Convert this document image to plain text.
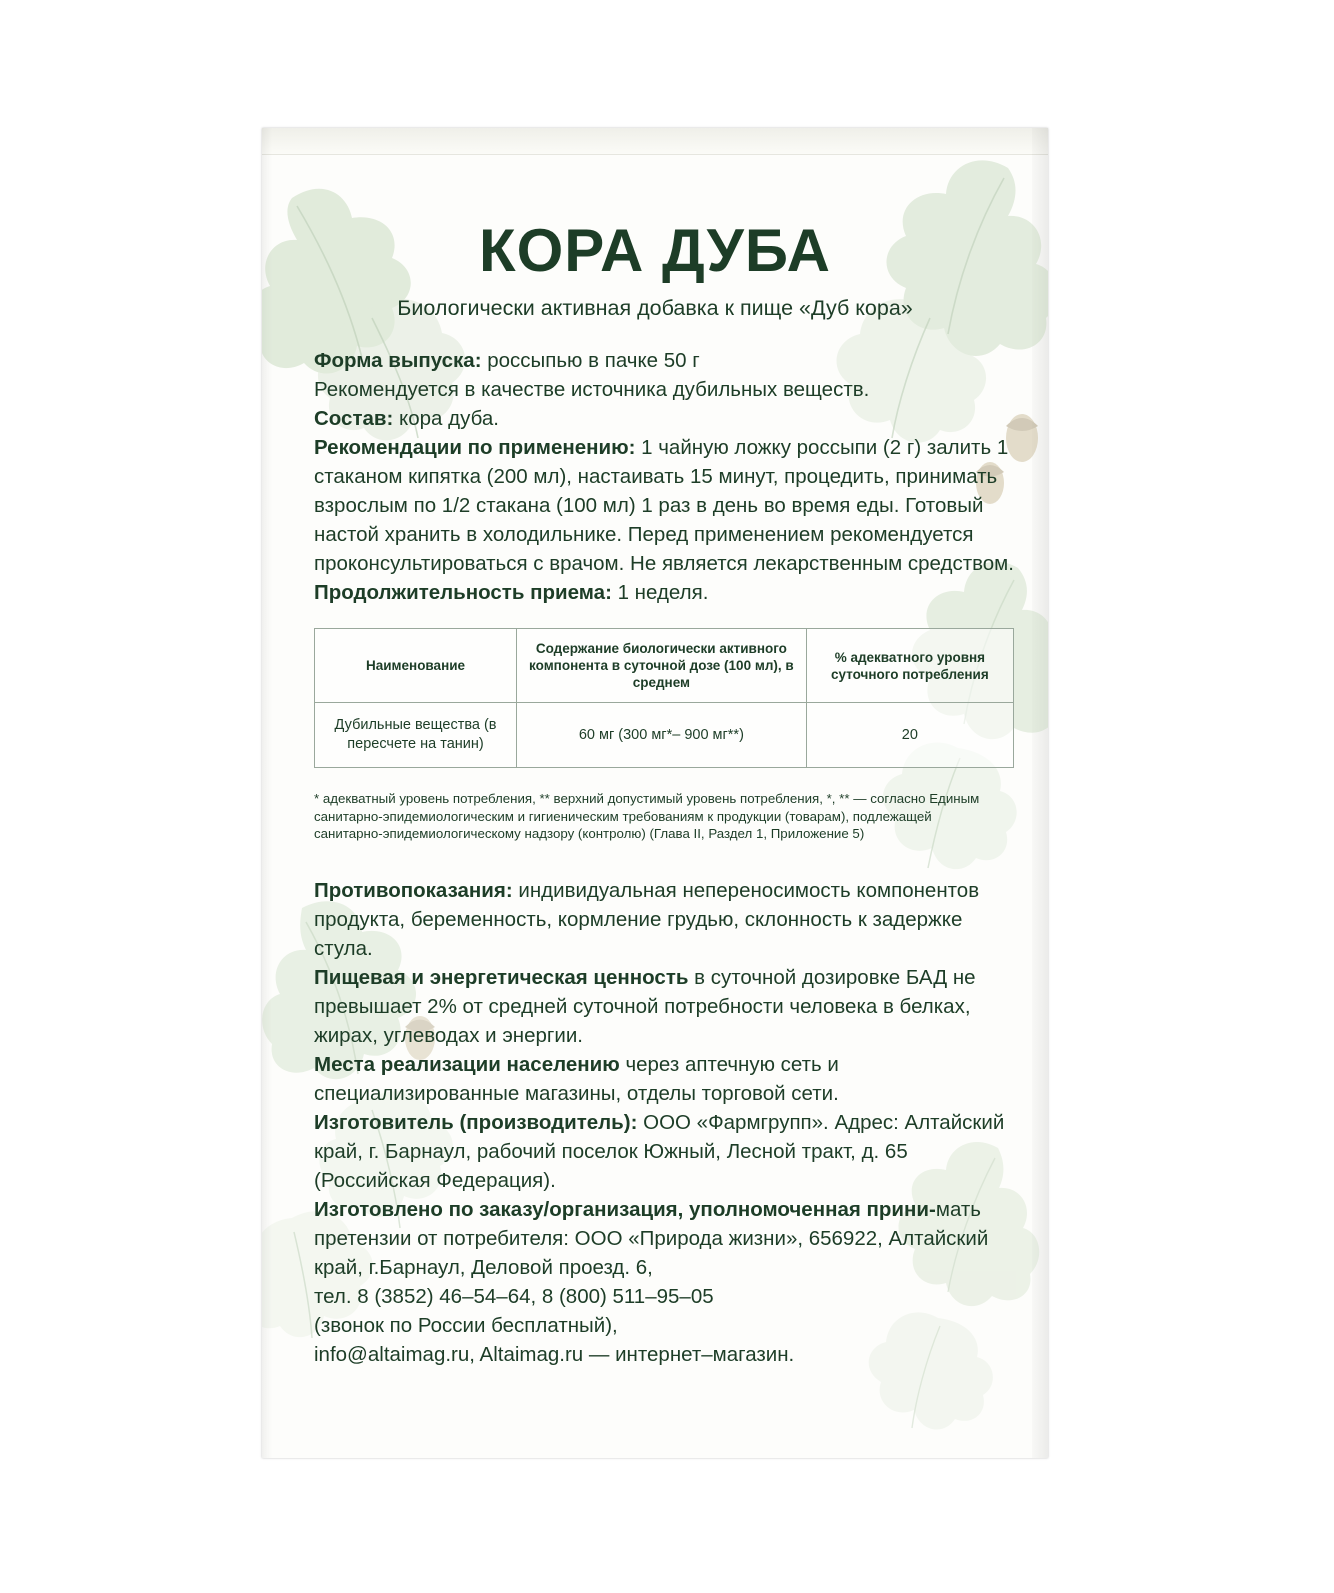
КОРА ДУБА
Биологически активная добавка к пище «Дуб кора»

Форма выпуска: россыпью в пачке 50 г

Рекомендуется в качестве источника дубильных веществ.

Состав: кора дуба.

Рекомендации по применению: 1 чайную ложку россыпи (2 г) залить 1 стаканом кипятка (200 мл), настаивать 15 минут, процедить, принимать взрослым по 1/2 стакана (100 мл) 1 раз в день во время еды. Готовый настой хранить в холодильнике. Перед применением рекомендуется проконсультироваться с врачом. Не является лекарственным средством.

Продолжительность приема: 1 неделя.

Наименование	Содержание биологически активного компонента в суточной дозе (100 мл), в среднем	% адекватного уровня суточного потребления
Дубильные вещества (в пересчете на танин)	60 мг (300 мг*– 900 мг**)	20
* адекватный уровень потребления, ** верхний допустимый уровень потребления, *, ** — согласно Единым санитарно-эпидемиологическим и гигиеническим требованиям к продукции (товарам), подлежащей санитарно-эпидемиологическому надзору (контролю) (Глава II, Раздел 1, Приложение 5)

Противопоказания: индивидуальная непереносимость компонентов продукта, беременность, кормление грудью, склонность к задержке стула.

Пищевая и энергетическая ценность в суточной дозировке БАД не превышает 2% от средней суточной потребности человека в белках, жирах, углеводах и энергии.

Места реализации населению через аптечную сеть и специализированные магазины, отделы торговой сети.

Изготовитель (производитель): ООО «Фармгрупп». Адрес: Алтайский край, г. Барнаул, рабочий поселок Южный, Лесной тракт, д. 65 (Российская Федерация).

Изготовлено по заказу/организация, уполномоченная прини-мать претензии от потребителя: ООО «Природа жизни», 656922, Алтайский край, г.Барнаул, Деловой проезд. 6,

тел. 8 (3852) 46–54–64, 8 (800) 511–95–05

(звонок по России бесплатный),

info@altaimag.ru, Altaimag.ru — интернет–магазин.
